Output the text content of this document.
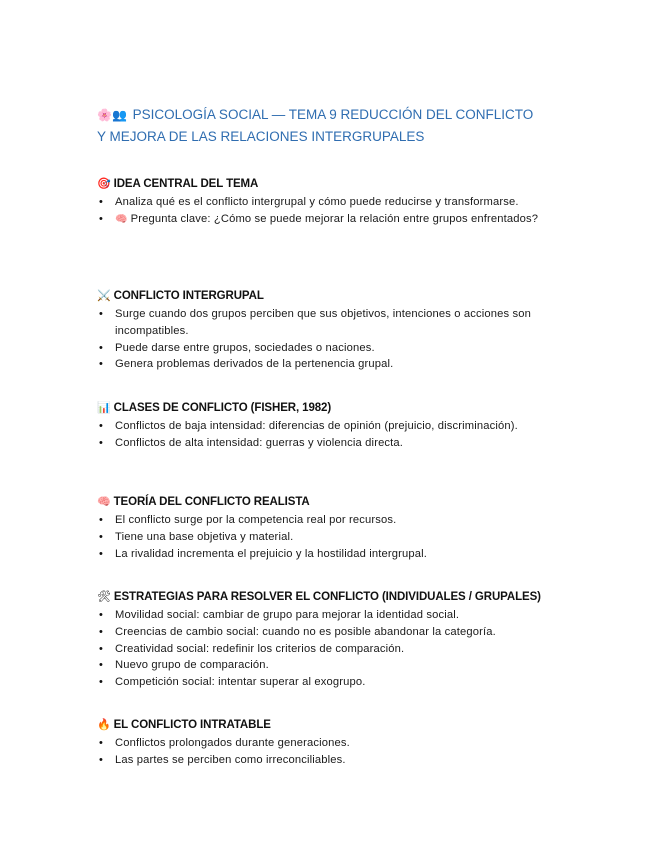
🌸👥 PSICOLOGÍA SOCIAL — TEMA 9 REDUCCIÓN DEL CONFLICTO Y MEJORA DE LAS RELACIONES INTERGRUPALES
🎯 IDEA CENTRAL DEL TEMA
• Analiza qué es el conflicto intergrupal y cómo puede reducirse y transformarse.
• 🧠 Pregunta clave: ¿Cómo se puede mejorar la relación entre grupos enfrentados?
⚔️ CONFLICTO INTERGRUPAL
• Surge cuando dos grupos perciben que sus objetivos, intenciones o acciones son incompatibles.
• Puede darse entre grupos, sociedades o naciones.
• Genera problemas derivados de la pertenencia grupal.
📊 CLASES DE CONFLICTO (FISHER, 1982)
• Conflictos de baja intensidad: diferencias de opinión (prejuicio, discriminación).
• Conflictos de alta intensidad: guerras y violencia directa.
🧠 TEORÍA DEL CONFLICTO REALISTA
• El conflicto surge por la competencia real por recursos.
• Tiene una base objetiva y material.
• La rivalidad incrementa el prejuicio y la hostilidad intergrupal.
🛠 ESTRATEGIAS PARA RESOLVER EL CONFLICTO (INDIVIDUALES / GRUPALES)
• Movilidad social: cambiar de grupo para mejorar la identidad social.
• Creencias de cambio social: cuando no es posible abandonar la categoría.
• Creatividad social: redefinir los criterios de comparación.
• Nuevo grupo de comparación.
• Competición social: intentar superar al exogrupo.
🔥 EL CONFLICTO INTRATABLE
• Conflictos prolongados durante generaciones.
• Las partes se perciben como irreconciliables.
